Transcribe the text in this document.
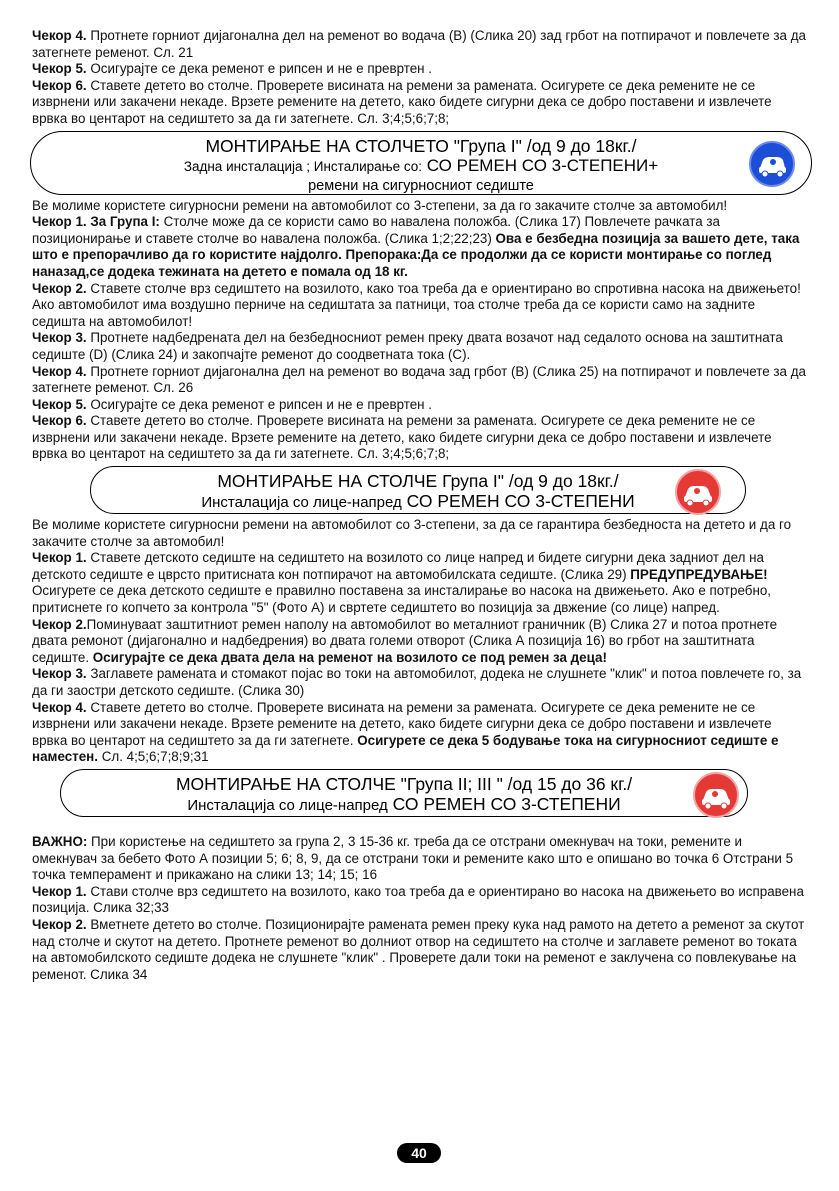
Чекор 4. Протнете горниот дијагонална дел на ременот во водача (B) (Слика 20) зад грбот на потпирачот и повлечете за да затегнете ременот. Сл. 21

Чекор 5. Осигурајте се дека ременот е рипсен и не е превртен .

Чекор 6. Ставете детето во столче. Проверете висината на ремени за рамената. Осигурете се дека ремените не се изврнени или закачени некаде. Врзете ремените на детето, како бидете сигурни дека се добро поставени и извлечете врвка во центарот на седиштето за да ги затегнете. Сл. 3;4;5;6;7;8;

МОНТИРАЊЕ НА СТОЛЧЕТО "Група I" /од 9 до 18кг./
Задна инсталација ; Инсталирање со: СО РЕМЕН СО 3-СТЕПЕНИ+
ремени на сигурносниот седиште

Ве молиме користете сигурносни ремени на автомобилот со 3-степени, за да го закачите столче за автомобил!

Чекор 1. За Група I: Столче може да се користи само во навалена положба. (Слика 17) Повлечете рачката за позиционирање и ставете столче во навалена положба. (Слика 1;2;22;23) Ова е безбедна позиција за вашето дете, така што е препорачливо да го користите најдолго. Препорака:Да се продолжи да се користи монтирање со поглед наназад,се додека тежината на детето е помала од 18 кг.

Чекор 2. Ставете столче врз седиштето на возилото, како тоа треба да е ориентирано во спротивна насока на движењето! Ако автомобилот има воздушно перниче на седиштата за патници, тоа столче треба да се користи само на задните седишта на автомобилот!

Чекор 3. Протнете надбедрената дел на безбедносниот ремен преку двата возачот над седалото основа на заштитната седиште (D) (Слика 24) и закопчајте ременот до соодветната тока (C).

Чекор 4. Протнете горниот дијагонална дел на ременот во водача зад грбот (B) (Слика 25) на потпирачот и повлечете за да затегнете ременот. Сл. 26

Чекор 5. Осигурајте се дека ременот е рипсен и не е превртен .

Чекор 6. Ставете детето во столче. Проверете висината на ремени за рамената. Осигурете се дека ремените не се изврнени или закачени некаде. Врзете ремените на детето, како бидете сигурни дека се добро поставени и извлечете врвка во центарот на седиштето за да ги затегнете. Сл. 3;4;5;6;7;8;

МОНТИРАЊЕ НА СТОЛЧЕ Група I" /од 9 до 18кг./
Инсталација со лице-напред СО РЕМЕН СО 3-СТЕПЕНИ

Ве молиме користете сигурносни ремени на автомобилот со 3-степени, за да се гарантира безбедноста на детето и да го закачите столче за автомобил!

Чекор 1. Ставете детското седиште на седиштето на возилото со лице напред и бидете сигурни дека задниот дел на детското седиште е цврсто притисната кон потпирачот на автомобилската седиште. (Слика 29) ПРЕДУПРЕДУВАЊЕ! Осигурете се дека детското седиште е правилно поставена за инсталирање во насока на движењето. Ако е потребно, притиснете го копчето за контрола "5" (Фото А) и свртете седиштето во позиција за двжение (со лице) напред.

Чекор 2.Поминуваат заштитниот ремен наполу на автомобилот во металниот граничник (B) Слика 27 и потоа протнете двата ремонот (дијагонално и надбедрения) во двата големи отворот (Слика А позиција 16) во грбот на заштитната седиште. Осигурајте се дека двата дела на ременот на возилото се под ремен за деца!

Чекор 3. Заглавете рамената и стомакот појас во токи на автомобилот, додека не слушнете "клик" и потоа повлечете го, за да ги заостри детското седиште. (Слика 30)

Чекор 4. Ставете детето во столче. Проверете висината на ремени за рамената. Осигурете се дека ремените не се изврнени или закачени некаде. Врзете ремените на детето, како бидете сигурни дека се добро поставени и извлечете врвка во центарот на седиштето за да ги затегнете. Осигурете се дека 5 бодување тока на сигурносниот седиште е наместен. Сл. 4;5;6;7;8;9;31

МОНТИРАЊЕ НА СТОЛЧЕ "Група II; III " /од 15 до 36 кг./
Инсталација со лице-напред СО РЕМЕН СО 3-СТЕПЕНИ

ВАЖНО: При користење на седиштето за група 2, 3 15-36 кг. треба да се отстрани омекнувач на токи, ремените и омекнувач за бебето Фото А позиции 5; 6; 8, 9, да се отстрани токи и ремените како што е опишано во точка 6 Отстрани 5 точка темперамент и прикажано на слики 13; 14; 15; 16

Чекор 1. Стави столче врз седиштето на возилото, како тоа треба да е ориентирано во насока на движењето во исправена позиција. Слика 32;33

Чекор 2. Вметнете детето во столче. Позиционирајте рамената ремен преку кука над рамото на детето а ременот за скутот над столче и скутот на детето. Протнете ременот во долниот отвор на седиштето на столче и заглавете ременот во токата на автомобилското седиште додека не слушнете "клик" . Проверете дали токи на ременот е заклучена со повлекување на ременот. Слика 34

40
